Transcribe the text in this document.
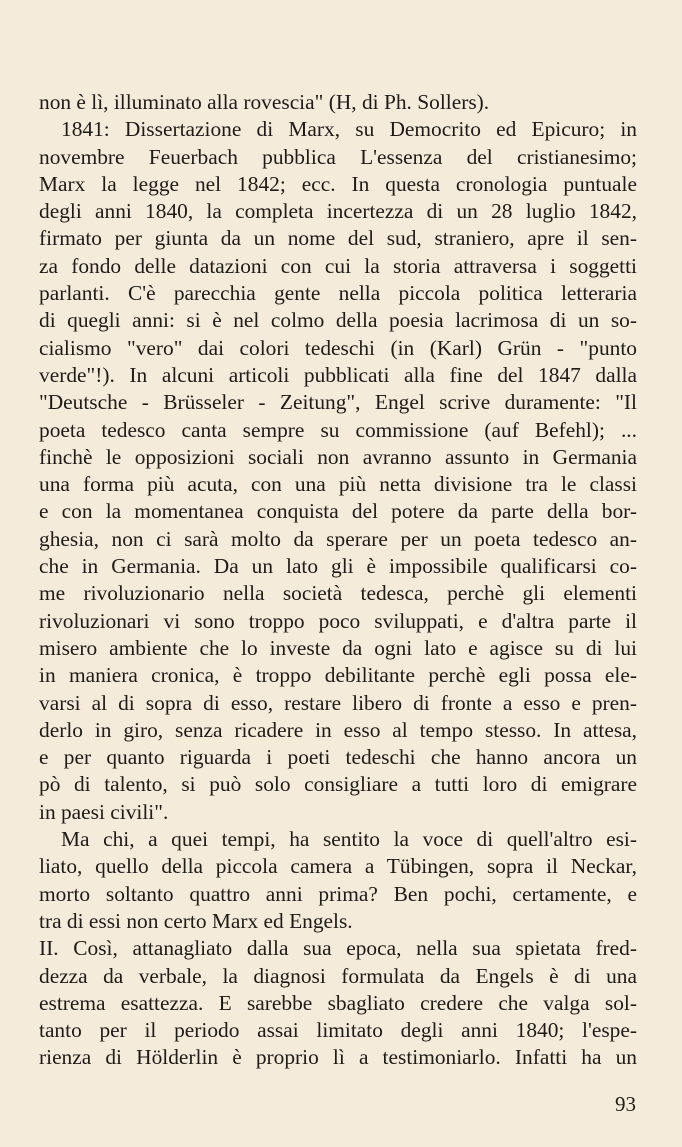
non è lì, illuminato alla rovescia" (H, di Ph. Sollers).
1841: Dissertazione di Marx, su Democrito ed Epicuro; in
novembre Feuerbach pubblica L'essenza del cristianesimo;
Marx la legge nel 1842; ecc. In questa cronologia puntuale
degli anni 1840, la completa incertezza di un 28 luglio 1842,
firmato per giunta da un nome del sud, straniero, apre il sen-
za fondo delle datazioni con cui la storia attraversa i soggetti
parlanti. C'è parecchia gente nella piccola politica letteraria
di quegli anni: si è nel colmo della poesia lacrimosa di un so-
cialismo "vero" dai colori tedeschi (in (Karl) Grün - "punto
verde"!). In alcuni articoli pubblicati alla fine del 1847 dalla
"Deutsche - Brüsseler - Zeitung", Engel scrive duramente: "Il
poeta tedesco canta sempre su commissione (auf Befehl); ...
finchè le opposizioni sociali non avranno assunto in Germania
una forma più acuta, con una più netta divisione tra le classi
e con la momentanea conquista del potere da parte della bor-
ghesia, non ci sarà molto da sperare per un poeta tedesco an-
che in Germania. Da un lato gli è impossibile qualificarsi co-
me rivoluzionario nella società tedesca, perchè gli elementi
rivoluzionari vi sono troppo poco sviluppati, e d'altra parte il
misero ambiente che lo investe da ogni lato e agisce su di lui
in maniera cronica, è troppo debilitante perchè egli possa ele-
varsi al di sopra di esso, restare libero di fronte a esso e pren-
derlo in giro, senza ricadere in esso al tempo stesso. In attesa,
e per quanto riguarda i poeti tedeschi che hanno ancora un
pò di talento, si può solo consigliare a tutti loro di emigrare
in paesi civili".
Ma chi, a quei tempi, ha sentito la voce di quell'altro esi-
liato, quello della piccola camera a Tübingen, sopra il Neckar,
morto soltanto quattro anni prima? Ben pochi, certamente, e
tra di essi non certo Marx ed Engels.
II. Così, attanagliato dalla sua epoca, nella sua spietata fred-
dezza da verbale, la diagnosi formulata da Engels è di una
estrema esattezza. E sarebbe sbagliato credere che valga sol-
tanto per il periodo assai limitato degli anni 1840; l'espe-
rienza di Hölderlin è proprio lì a testimoniarlo. Infatti ha un
93
